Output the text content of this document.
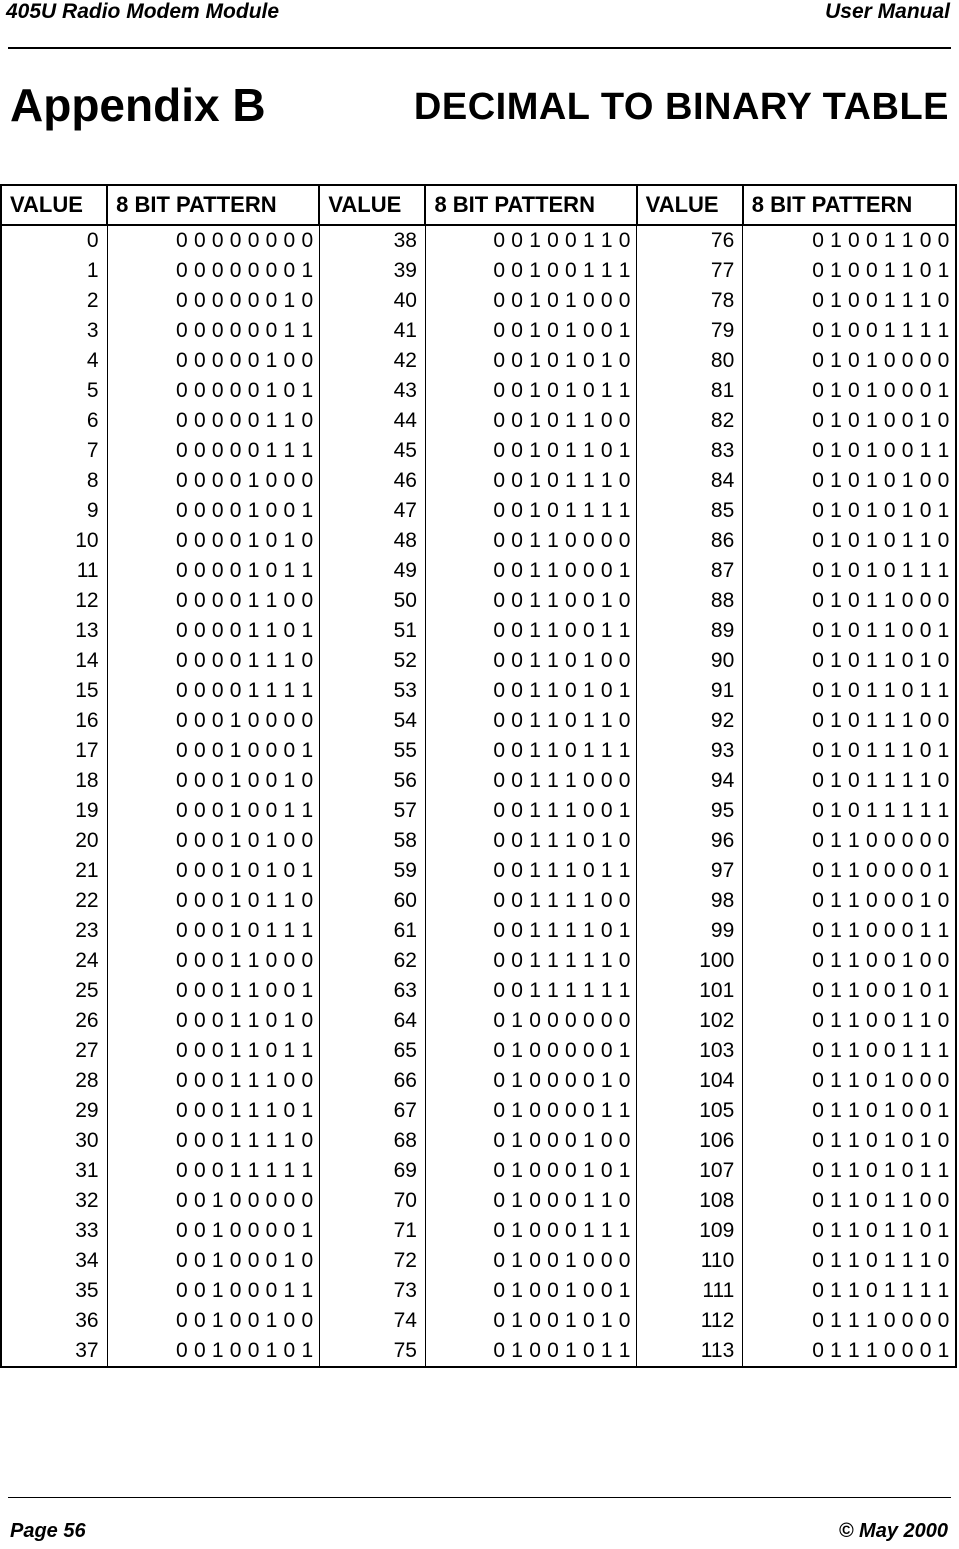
405U Radio Modem Module	User Manual
Appendix B	DECIMAL TO BINARY TABLE
VALUE	8 BIT PATTERN	VALUE	8 BIT PATTERN	VALUE	8 BIT PATTERN
0	0 0 0 0 0 0 0 0	38	0 0 1 0 0 1 1 0	76	0 1 0 0 1 1 0 0
1	0 0 0 0 0 0 0 1	39	0 0 1 0 0 1 1 1	77	0 1 0 0 1 1 0 1
2	0 0 0 0 0 0 1 0	40	0 0 1 0 1 0 0 0	78	0 1 0 0 1 1 1 0
3	0 0 0 0 0 0 1 1	41	0 0 1 0 1 0 0 1	79	0 1 0 0 1 1 1 1
4	0 0 0 0 0 1 0 0	42	0 0 1 0 1 0 1 0	80	0 1 0 1 0 0 0 0
5	0 0 0 0 0 1 0 1	43	0 0 1 0 1 0 1 1	81	0 1 0 1 0 0 0 1
6	0 0 0 0 0 1 1 0	44	0 0 1 0 1 1 0 0	82	0 1 0 1 0 0 1 0
7	0 0 0 0 0 1 1 1	45	0 0 1 0 1 1 0 1	83	0 1 0 1 0 0 1 1
8	0 0 0 0 1 0 0 0	46	0 0 1 0 1 1 1 0	84	0 1 0 1 0 1 0 0
9	0 0 0 0 1 0 0 1	47	0 0 1 0 1 1 1 1	85	0 1 0 1 0 1 0 1
10	0 0 0 0 1 0 1 0	48	0 0 1 1 0 0 0 0	86	0 1 0 1 0 1 1 0
11	0 0 0 0 1 0 1 1	49	0 0 1 1 0 0 0 1	87	0 1 0 1 0 1 1 1
12	0 0 0 0 1 1 0 0	50	0 0 1 1 0 0 1 0	88	0 1 0 1 1 0 0 0
13	0 0 0 0 1 1 0 1	51	0 0 1 1 0 0 1 1	89	0 1 0 1 1 0 0 1
14	0 0 0 0 1 1 1 0	52	0 0 1 1 0 1 0 0	90	0 1 0 1 1 0 1 0
15	0 0 0 0 1 1 1 1	53	0 0 1 1 0 1 0 1	91	0 1 0 1 1 0 1 1
16	0 0 0 1 0 0 0 0	54	0 0 1 1 0 1 1 0	92	0 1 0 1 1 1 0 0
17	0 0 0 1 0 0 0 1	55	0 0 1 1 0 1 1 1	93	0 1 0 1 1 1 0 1
18	0 0 0 1 0 0 1 0	56	0 0 1 1 1 0 0 0	94	0 1 0 1 1 1 1 0
19	0 0 0 1 0 0 1 1	57	0 0 1 1 1 0 0 1	95	0 1 0 1 1 1 1 1
20	0 0 0 1 0 1 0 0	58	0 0 1 1 1 0 1 0	96	0 1 1 0 0 0 0 0
21	0 0 0 1 0 1 0 1	59	0 0 1 1 1 0 1 1	97	0 1 1 0 0 0 0 1
22	0 0 0 1 0 1 1 0	60	0 0 1 1 1 1 0 0	98	0 1 1 0 0 0 1 0
23	0 0 0 1 0 1 1 1	61	0 0 1 1 1 1 0 1	99	0 1 1 0 0 0 1 1
24	0 0 0 1 1 0 0 0	62	0 0 1 1 1 1 1 0	100	0 1 1 0 0 1 0 0
25	0 0 0 1 1 0 0 1	63	0 0 1 1 1 1 1 1	101	0 1 1 0 0 1 0 1
26	0 0 0 1 1 0 1 0	64	0 1 0 0 0 0 0 0	102	0 1 1 0 0 1 1 0
27	0 0 0 1 1 0 1 1	65	0 1 0 0 0 0 0 1	103	0 1 1 0 0 1 1 1
28	0 0 0 1 1 1 0 0	66	0 1 0 0 0 0 1 0	104	0 1 1 0 1 0 0 0
29	0 0 0 1 1 1 0 1	67	0 1 0 0 0 0 1 1	105	0 1 1 0 1 0 0 1
30	0 0 0 1 1 1 1 0	68	0 1 0 0 0 1 0 0	106	0 1 1 0 1 0 1 0
31	0 0 0 1 1 1 1 1	69	0 1 0 0 0 1 0 1	107	0 1 1 0 1 0 1 1
32	0 0 1 0 0 0 0 0	70	0 1 0 0 0 1 1 0	108	0 1 1 0 1 1 0 0
33	0 0 1 0 0 0 0 1	71	0 1 0 0 0 1 1 1	109	0 1 1 0 1 1 0 1
34	0 0 1 0 0 0 1 0	72	0 1 0 0 1 0 0 0	110	0 1 1 0 1 1 1 0
35	0 0 1 0 0 0 1 1	73	0 1 0 0 1 0 0 1	111	0 1 1 0 1 1 1 1
36	0 0 1 0 0 1 0 0	74	0 1 0 0 1 0 1 0	112	0 1 1 1 0 0 0 0
37	0 0 1 0 0 1 0 1	75	0 1 0 0 1 0 1 1	113	0 1 1 1 0 0 0 1
Page 56	© May 2000
